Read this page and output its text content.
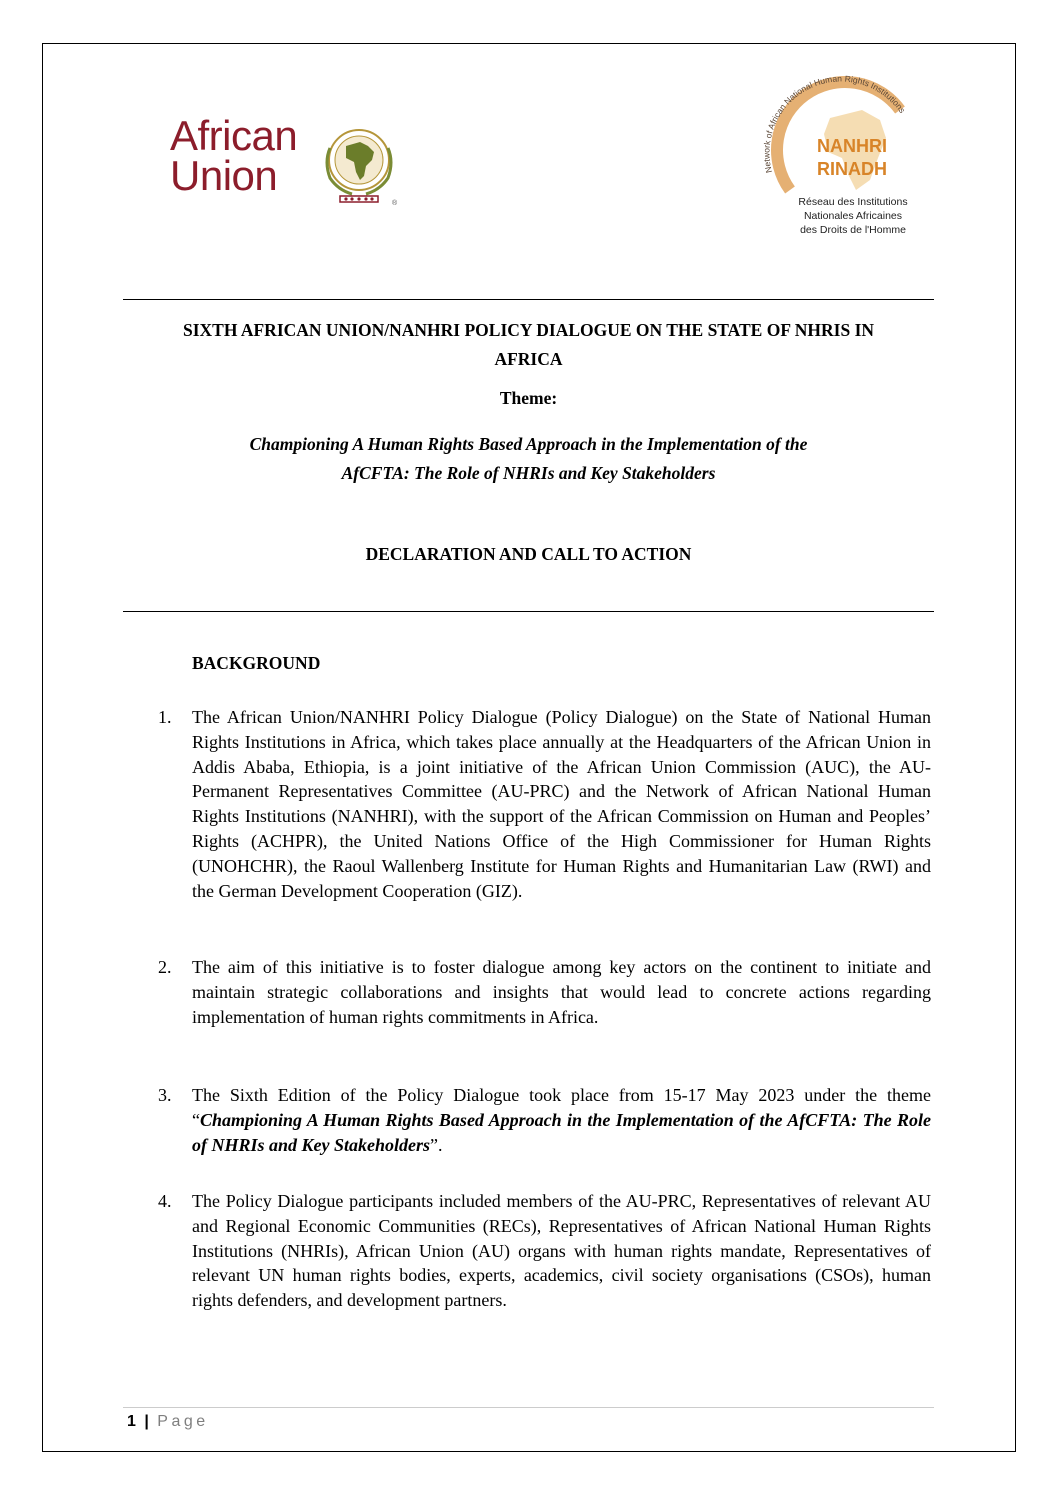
African
Union
®
Network of African National Human Rights Institutions
NANHRI
RINADH
Réseau des Institutions
Nationales Africaines
des Droits de l'Homme
SIXTH AFRICAN UNION/NANHRI POLICY DIALOGUE ON THE STATE OF NHRIS IN
AFRICA
Theme:
Championing A Human Rights Based Approach in the Implementation of the
AfCFTA: The Role of NHRIs and Key Stakeholders
DECLARATION AND CALL TO ACTION
BACKGROUND
1. The African Union/NANHRI Policy Dialogue (Policy Dialogue) on the State of National Human Rights Institutions in Africa, which takes place annually at the Headquarters of the African Union in Addis Ababa, Ethiopia, is a joint initiative of the African Union Commission (AUC), the AU-Permanent Representatives Committee (AU-PRC) and the Network of African National Human Rights Institutions (NANHRI), with the support of the African Commission on Human and Peoples’ Rights (ACHPR), the United Nations Office of the High Commissioner for Human Rights (UNOHCHR), the Raoul Wallenberg Institute for Human Rights and Humanitarian Law (RWI) and the German Development Cooperation (GIZ).
2. The aim of this initiative is to foster dialogue among key actors on the continent to initiate and maintain strategic collaborations and insights that would lead to concrete actions regarding implementation of human rights commitments in Africa.
3. The Sixth Edition of the Policy Dialogue took place from 15-17 May 2023 under the theme “Championing A Human Rights Based Approach in the Implementation of the AfCFTA: The Role of NHRIs and Key Stakeholders”.
4. The Policy Dialogue participants included members of the AU-PRC, Representatives of relevant AU and Regional Economic Communities (RECs), Representatives of African National Human Rights Institutions (NHRIs), African Union (AU) organs with human rights mandate, Representatives of relevant UN human rights bodies, experts, academics, civil society organisations (CSOs), human rights defenders, and development partners.
1 | Page
